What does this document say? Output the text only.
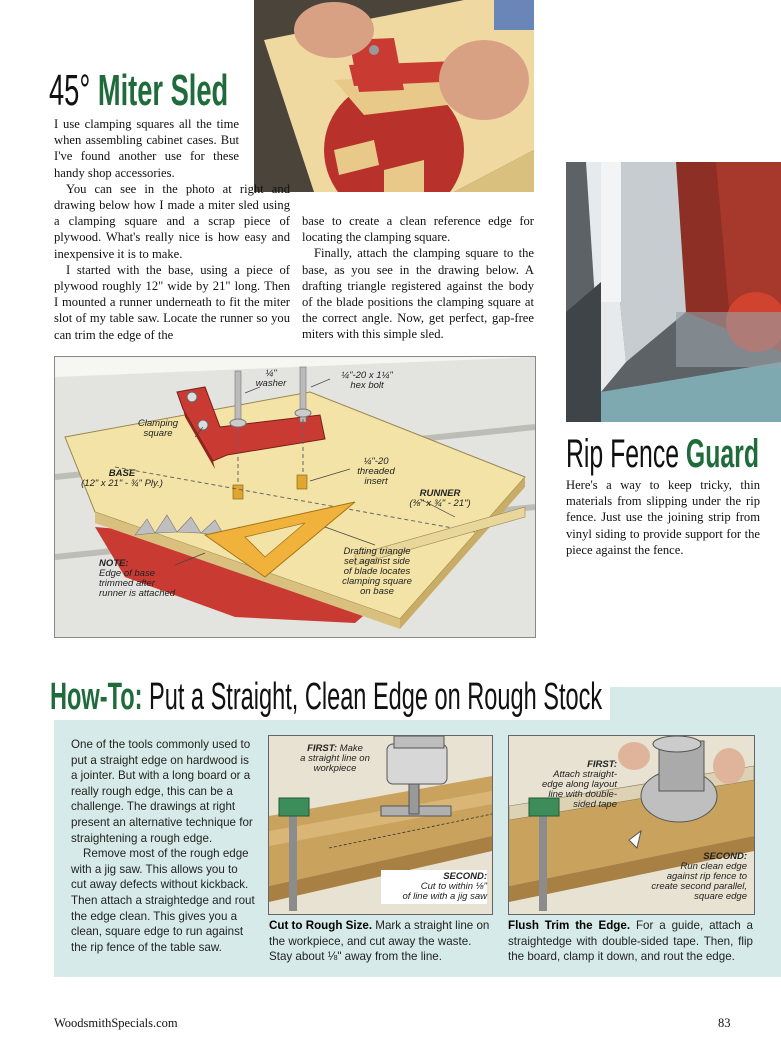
45° Miter Sled

I use clamping squares all the time when assembling cabinet cases. But I've found another use for these handy shop accessories.

You can see in the photo at right and drawing below how I made a miter sled using a clamping square and a scrap piece of plywood. What's really nice is how easy and inexpensive it is to make.

I started with the base, using a piece of plywood roughly 12" wide by 21" long. Then I mounted a runner underneath to fit the miter slot of my table saw. Locate the runner so you can trim the edge of the

base to create a clean reference edge for locating the clamping square.

Finally, attach the clamping square to the base, as you see in the drawing below. A drafting triangle registered against the body of the blade positions the clamping square at the correct angle. Now, get perfect, gap-free miters with this simple sled.

¼"
washer
¼"-20 x 1¼"
hex bolt
Clamping
square
BASE
(12" x 21" - ¾" Ply.)
¼"-20
threaded
insert
RUNNER
(⅜" x ¾" - 21")
NOTE:
Edge of base
trimmed after
runner is attached
Drafting triangle
set against side
of blade locates
clamping square
on base
Rip Fence Guard

Here's a way to keep tricky, thin materials from slipping under the rip fence. Just use the joining strip from vinyl siding to provide support for the piece against the fence.

How-To: Put a Straight, Clean Edge on Rough Stock

One of the tools commonly used to put a straight edge on hardwood is a jointer. But with a long board or a really rough edge, this can be a challenge. The drawings at right present an alternative technique for straightening a rough edge.

Remove most of the rough edge with a jig saw. This allows you to cut away defects without kickback. Then attach a straightedge and rout the edge clean. This gives you a clean, square edge to run against the rip fence of the table saw.

FIRST: Make
a straight line on
workpiece
SECOND:
Cut to within ⅛"
of line with a jig saw
Cut to Rough Size. Mark a straight line on the workpiece, and cut away the waste. Stay about ⅛" away from the line.
FIRST:
Attach straight-
edge along layout
line with double-
sided tape
SECOND:
Run clean edge
against rip fence to
create second parallel,
square edge
Flush Trim the Edge. For a guide, attach a straightedge with double-sided tape. Then, flip the board, clamp it down, and rout the edge.
WoodsmithSpecials.com	83
